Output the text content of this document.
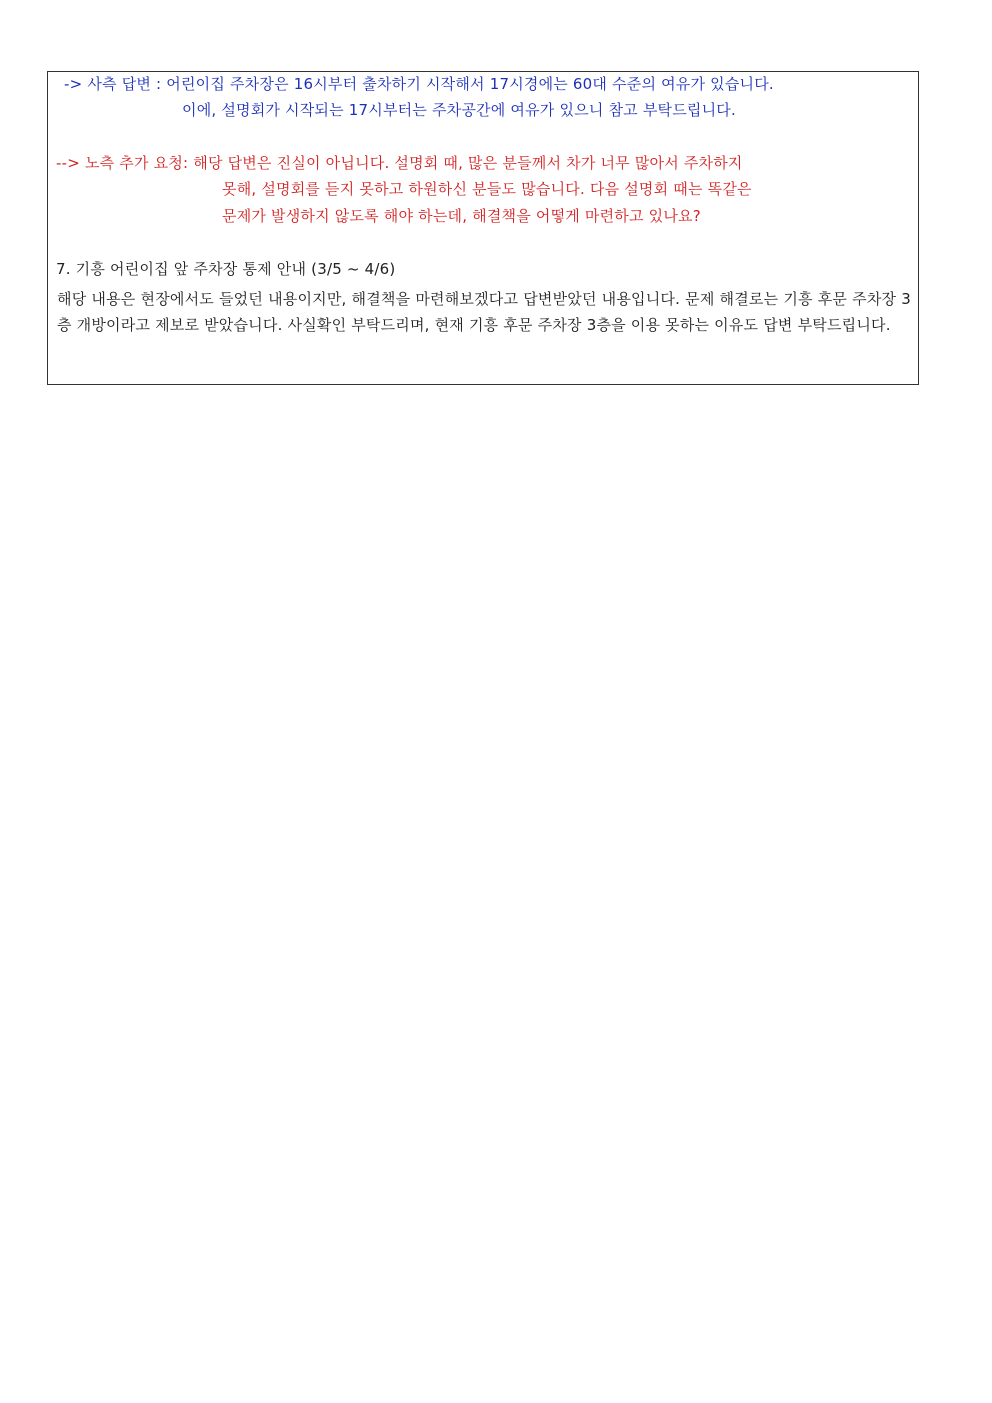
-> 사측 답변 : 어린이집 주차장은 16시부터 출차하기 시작해서 17시경에는 60대 수준의 여유가 있습니다.
이에, 설명회가 시작되는 17시부터는 주차공간에 여유가 있으니 참고 부탁드립니다.
--> 노측 추가 요청: 해당 답변은 진실이 아닙니다. 설명회 때, 많은 분들께서 차가 너무 많아서 주차하지
못해, 설명회를 듣지 못하고 하원하신 분들도 많습니다. 다음 설명회 때는 똑같은
문제가 발생하지 않도록 해야 하는데, 해결책을 어떻게 마련하고 있나요?
7. 기흥 어린이집 앞 주차장 통제 안내 (3/5 ~ 4/6)
해당 내용은 현장에서도 들었던 내용이지만, 해결책을 마련해보겠다고 답변받았던 내용입니다. 문제 해결로는 기흥 후문 주차장 3층 개방이라고 제보로 받았습니다. 사실확인 부탁드리며, 현재 기흥 후문 주차장 3층을 이용 못하는 이유도 답변 부탁드립니다.
